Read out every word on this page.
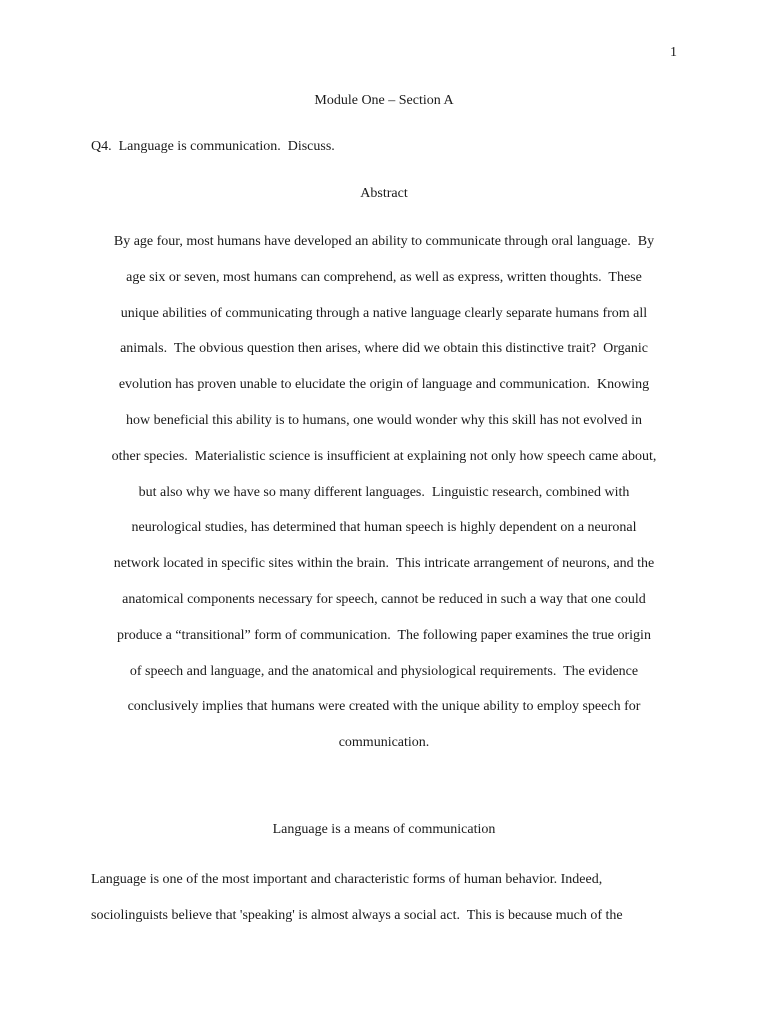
1
Module One – Section A
Q4.  Language is communication.  Discuss.
Abstract
By age four, most humans have developed an ability to communicate through oral language.  By
age six or seven, most humans can comprehend, as well as express, written thoughts.  These
unique abilities of communicating through a native language clearly separate humans from all
animals.  The obvious question then arises, where did we obtain this distinctive trait?  Organic
evolution has proven unable to elucidate the origin of language and communication.  Knowing
how beneficial this ability is to humans, one would wonder why this skill has not evolved in
other species.  Materialistic science is insufficient at explaining not only how speech came about,
but also why we have so many different languages.  Linguistic research, combined with
neurological studies, has determined that human speech is highly dependent on a neuronal
network located in specific sites within the brain.  This intricate arrangement of neurons, and the
anatomical components necessary for speech, cannot be reduced in such a way that one could
produce a “transitional” form of communication.  The following paper examines the true origin
of speech and language, and the anatomical and physiological requirements.  The evidence
conclusively implies that humans were created with the unique ability to employ speech for
communication.
Language is a means of communication
Language is one of the most important and characteristic forms of human behavior. Indeed,
sociolinguists believe that 'speaking' is almost always a social act.  This is because much of the
